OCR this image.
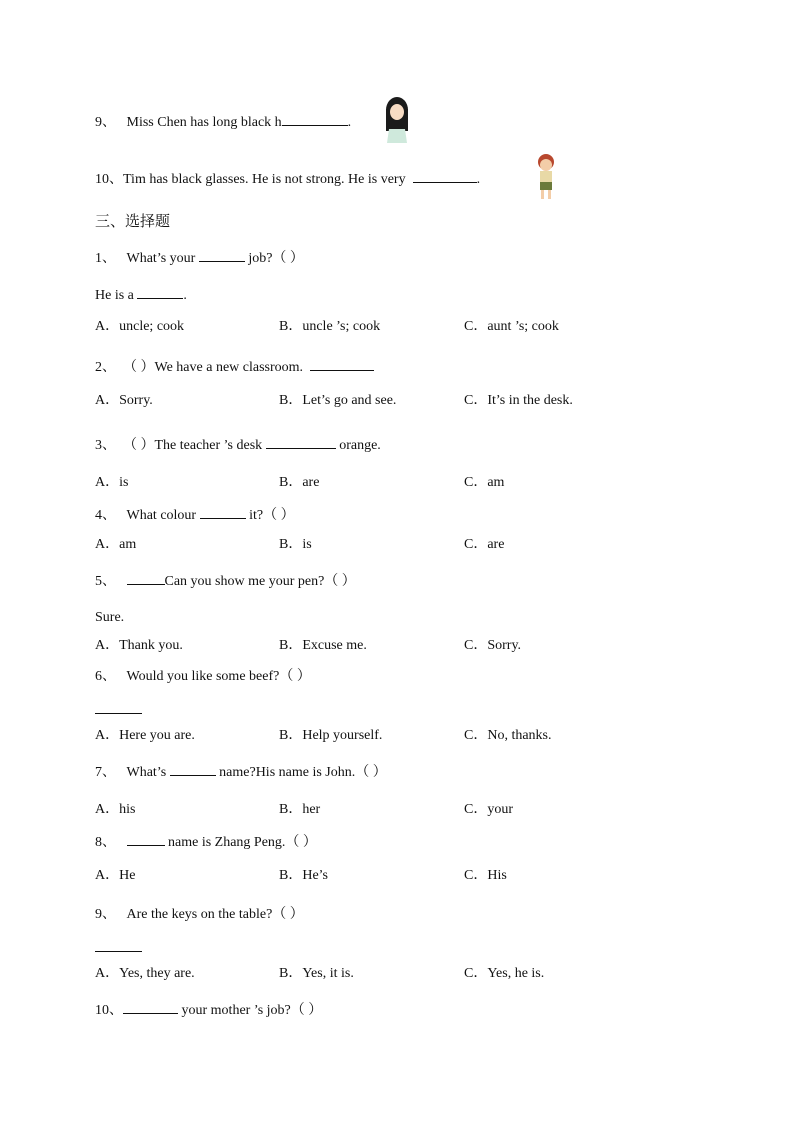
9、 Miss Chen has long black h	.
10、Tim has black glasses. He is not strong. He is very	.
三、选择题
1、 What’s your	job?（ ）
He is a	.
A．uncle; cook	B．uncle ’s; cook	C．aunt ’s; cook
2、 （ ）We have a new classroom.
A．Sorry.	B．Let’s go and see.	C．It’s in the desk.
3、 （ ）The teacher ’s desk	orange.
A．is	B．are	C．am
4、 What colour	it?（ ）
A．am	B．is	C．are
5、	Can you show me your pen?（ ）
Sure.
A．Thank you.	B．Excuse me.	C．Sorry.
6、 Would you like some beef?（ ）
A．Here you are.	B．Help yourself.	C．No, thanks.
7、 What’s	name?His name is John.（ ）
A．his	B．her	C．your
8、	name is Zhang Peng.（ ）
A．He	B．He’s	C．His
9、 Are the keys on the table?（ ）
A．Yes, they are.	B．Yes, it is.	C．Yes, he is.
10、	your mother ’s job?（ ）
